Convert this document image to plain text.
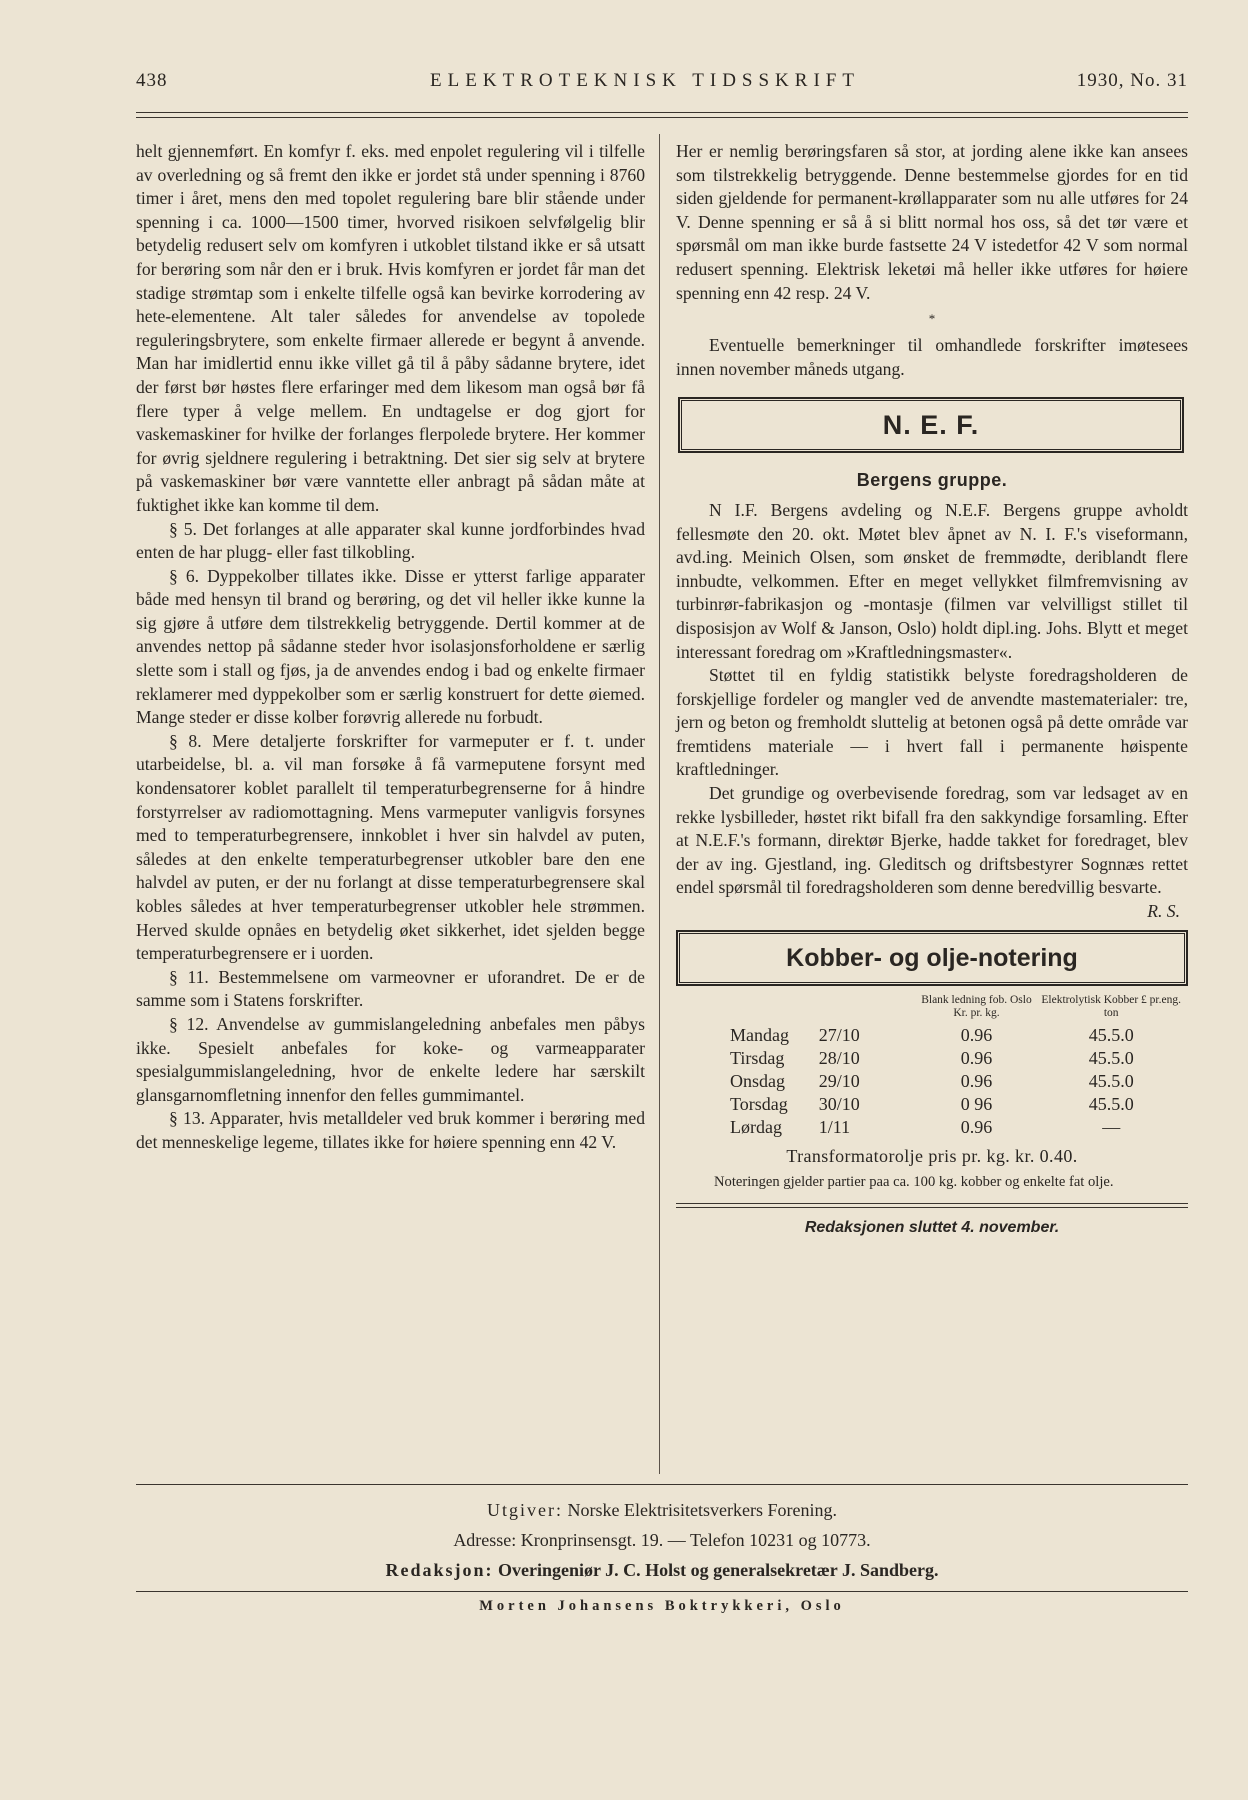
438	ELEKTROTEKNISK TIDSSKRIFT	1930, No. 31

helt gjennemført. En komfyr f. eks. med enpolet regulering vil i tilfelle av overledning og så fremt den ikke er jordet stå under spenning i 8760 timer i året, mens den med topolet regulering bare blir stående under spenning i ca. 1000—1500 timer, hvorved risikoen selvfølgelig blir betydelig redusert selv om komfyren i utkoblet tilstand ikke er så utsatt for berøring som når den er i bruk. Hvis komfyren er jordet får man det stadige strømtap som i enkelte tilfelle også kan bevirke korrodering av hete-elementene. Alt taler således for anvendelse av topolede reguleringsbrytere, som enkelte firmaer allerede er begynt å anvende. Man har imidlertid ennu ikke villet gå til å påby sådanne brytere, idet der først bør høstes flere erfaringer med dem likesom man også bør få flere typer å velge mellem. En undtagelse er dog gjort for vaskemaskiner for hvilke der forlanges flerpolede brytere. Her kommer for øvrig sjeldnere regulering i betraktning. Det sier sig selv at brytere på vaskemaskiner bør være vanntette eller anbragt på sådan måte at fuktighet ikke kan komme til dem.

§ 5. Det forlanges at alle apparater skal kunne jordforbindes hvad enten de har plugg- eller fast tilkobling.

§ 6. Dyppekolber tillates ikke. Disse er ytterst farlige apparater både med hensyn til brand og berøring, og det vil heller ikke kunne la sig gjøre å utføre dem tilstrekkelig betryggende. Dertil kommer at de anvendes nettop på sådanne steder hvor isolasjonsforholdene er særlig slette som i stall og fjøs, ja de anvendes endog i bad og enkelte firmaer reklamerer med dyppekolber som er særlig konstruert for dette øiemed. Mange steder er disse kolber forøvrig allerede nu forbudt.

§ 8. Mere detaljerte forskrifter for varmeputer er f. t. under utarbeidelse, bl. a. vil man forsøke å få varmeputene forsynt med kondensatorer koblet parallelt til temperaturbegrenserne for å hindre forstyrrelser av radiomottagning. Mens varmeputer vanligvis forsynes med to temperaturbegrensere, innkoblet i hver sin halvdel av puten, således at den enkelte temperaturbegrenser utkobler bare den ene halvdel av puten, er der nu forlangt at disse temperaturbegrensere skal kobles således at hver temperaturbegrenser utkobler hele strømmen. Herved skulde opnåes en betydelig øket sikkerhet, idet sjelden begge temperaturbegrensere er i uorden.

§ 11. Bestemmelsene om varmeovner er uforandret. De er de samme som i Statens forskrifter.

§ 12. Anvendelse av gummislangeledning anbefales men påbys ikke. Spesielt anbefales for koke- og varmeapparater spesialgummislangeledning, hvor de enkelte ledere har særskilt glansgarnomfletning innenfor den felles gummimantel.

§ 13. Apparater, hvis metalldeler ved bruk kommer i berøring med det menneskelige legeme, tillates ikke for høiere spenning enn 42 V.

Her er nemlig berøringsfaren så stor, at jording alene ikke kan ansees som tilstrekkelig betryggende. Denne bestemmelse gjordes for en tid siden gjeldende for permanent-krøllapparater som nu alle utføres for 24 V. Denne spenning er så å si blitt normal hos oss, så det tør være et spørsmål om man ikke burde fastsette 24 V istedetfor 42 V som normal redusert spenning. Elektrisk leketøi må heller ikke utføres for høiere spenning enn 42 resp. 24 V.

*

Eventuelle bemerkninger til omhandlede forskrifter imøtesees innen november måneds utgang.

N. E. F.

Bergens gruppe.

N I.F. Bergens avdeling og N.E.F. Bergens gruppe avholdt fellesmøte den 20. okt. Møtet blev åpnet av N. I. F.'s viseformann, avd.ing. Meinich Olsen, som ønsket de fremmødte, deriblandt flere innbudte, velkommen. Efter en meget vellykket filmfremvisning av turbinrør-fabrikasjon og -montasje (filmen var velvilligst stillet til disposisjon av Wolf & Janson, Oslo) holdt dipl.ing. Johs. Blytt et meget interessant foredrag om »Kraftledningsmaster«.

Støttet til en fyldig statistikk belyste foredragsholderen de forskjellige fordeler og mangler ved de anvendte mastematerialer: tre, jern og beton og fremholdt sluttelig at betonen også på dette område var fremtidens materiale — i hvert fall i permanente høispente kraftledninger.

Det grundige og overbevisende foredrag, som var ledsaget av en rekke lysbilleder, høstet rikt bifall fra den sakkyndige forsamling. Efter at N.E.F.'s formann, direktør Bjerke, hadde takket for foredraget, blev der av ing. Gjestland, ing. Gleditsch og driftsbestyrer Sognnæs rettet endel spørsmål til foredragsholderen som denne beredvillig besvarte.
R. S.

Kobber- og olje-notering
		Blank ledning fob. Oslo Kr. pr. kg.	Elektrolytisk Kobber £ pr.eng. ton
Mandag	27/10	0.96	45.5.0
Tirsdag	28/10	0.96	45.5.0
Onsdag	29/10	0.96	45.5.0
Torsdag	30/10	0 96	45.5.0
Lørdag	1/11	0.96	—

Transformatorolje pris pr. kg. kr. 0.40.

Noteringen gjelder partier paa ca. 100 kg. kobber og enkelte fat olje.

Redaksjonen sluttet 4. november.

Utgiver: Norske Elektrisitetsverkers Forening.
Adresse: Kronprinsensgt. 19. — Telefon 10231 og 10773.
Redaksjon: Overingeniør J. C. Holst og generalsekretær J. Sandberg.
Morten Johansens Boktrykkeri, Oslo
